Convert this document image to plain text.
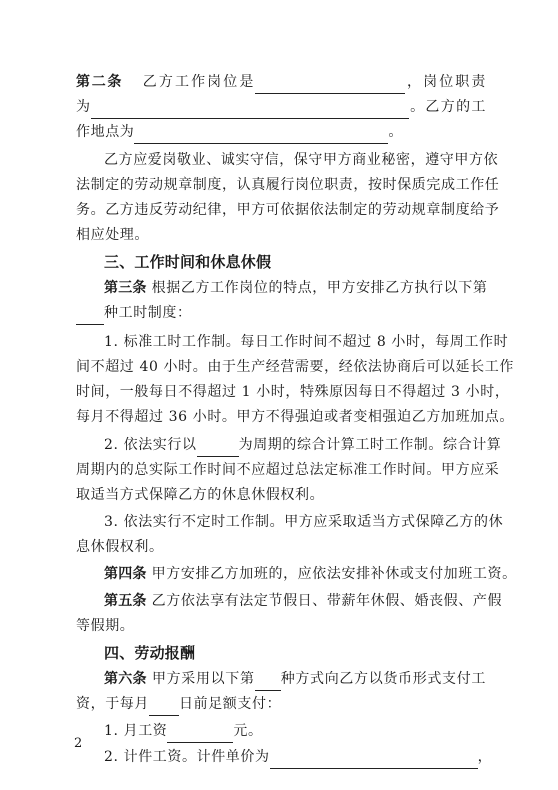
第二条 乙方工作岗位是	，岗位职责
为	。乙方的工
作地点为	。
乙方应爱岗敬业、诚实守信，保守甲方商业秘密，遵守甲方依
法制定的劳动规章制度，认真履行岗位职责，按时保质完成工作任
务。乙方违反劳动纪律，甲方可依据依法制定的劳动规章制度给予
相应处理。
三、工作时间和休息休假
第三条 根据乙方工作岗位的特点，甲方安排乙方执行以下第
种工时制度：
1. 标准工时工作制。每日工作时间不超过 8 小时，每周工作时
间不超过 40 小时。由于生产经营需要，经依法协商后可以延长工作
时间，一般每日不得超过 1 小时，特殊原因每日不得超过 3 小时，
每月不得超过 36 小时。甲方不得强迫或者变相强迫乙方加班加点。
2. 依法实行以	为周期的综合计算工时工作制。综合计算
周期内的总实际工作时间不应超过总法定标准工作时间。甲方应采
取适当方式保障乙方的休息休假权利。
3. 依法实行不定时工作制。甲方应采取适当方式保障乙方的休
息休假权利。
第四条 甲方安排乙方加班的，应依法安排补休或支付加班工资。
第五条 乙方依法享有法定节假日、带薪年休假、婚丧假、产假
等假期。
四、劳动报酬
第六条 甲方采用以下第 种方式向乙方以货币形式支付工
资，于每月 日前足额支付：
1. 月工资	元。
2. 计件工资。计件单价为	，
2
